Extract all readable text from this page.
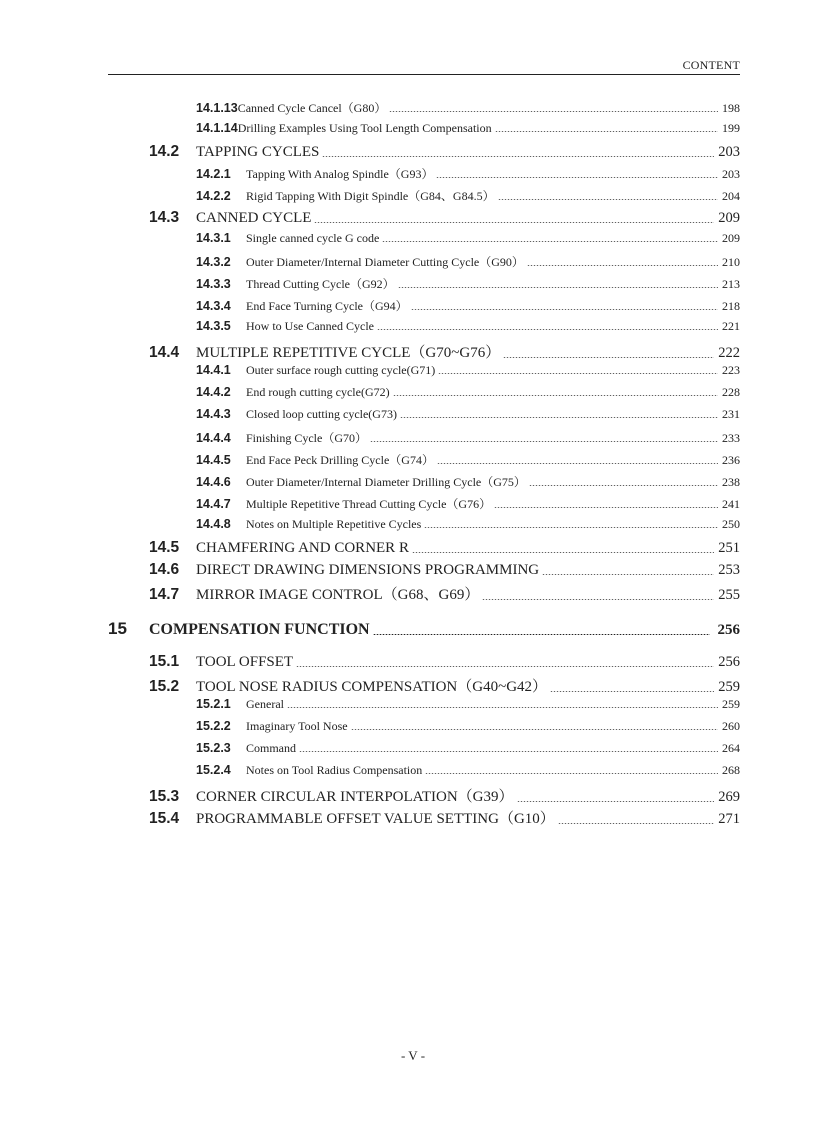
CONTENT
14.1.13 Canned Cycle Cancel（G80）	198
14.1.14 Drilling Examples Using Tool Length Compensation	199
14.2	TAPPING CYCLES	203
14.2.1	Tapping With Analog Spindle（G93）	203
14.2.2	Rigid Tapping With Digit Spindle（G84、G84.5）	204
14.3	CANNED CYCLE	209
14.3.1	Single canned cycle G code	209
14.3.2	Outer Diameter/Internal Diameter Cutting Cycle（G90）	210
14.3.3	Thread Cutting Cycle（G92）	213
14.3.4	End Face Turning Cycle（G94）	218
14.3.5	How to Use Canned Cycle	221
14.4	MULTIPLE REPETITIVE CYCLE（G70~G76）	222
14.4.1	Outer surface rough cutting cycle(G71)	223
14.4.2	End rough cutting cycle(G72)	228
14.4.3	Closed loop cutting cycle(G73)	231
14.4.4	Finishing Cycle（G70）	233
14.4.5	End Face Peck Drilling Cycle（G74）	236
14.4.6	Outer Diameter/Internal Diameter Drilling Cycle（G75）	238
14.4.7	Multiple Repetitive Thread Cutting Cycle（G76）	241
14.4.8	Notes on Multiple Repetitive Cycles	250
14.5	CHAMFERING AND CORNER R	251
14.6	DIRECT DRAWING DIMENSIONS PROGRAMMING	253
14.7	MIRROR IMAGE CONTROL（G68、G69）	255
15	COMPENSATION FUNCTION	256
15.1	TOOL OFFSET	256
15.2	TOOL NOSE RADIUS COMPENSATION（G40~G42）	259
15.2.1	General	259
15.2.2	Imaginary Tool Nose	260
15.2.3	Command	264
15.2.4	Notes on Tool Radius Compensation	268
15.3	CORNER CIRCULAR INTERPOLATION（G39）	269
15.4	PROGRAMMABLE OFFSET VALUE SETTING（G10）	271
- V -
